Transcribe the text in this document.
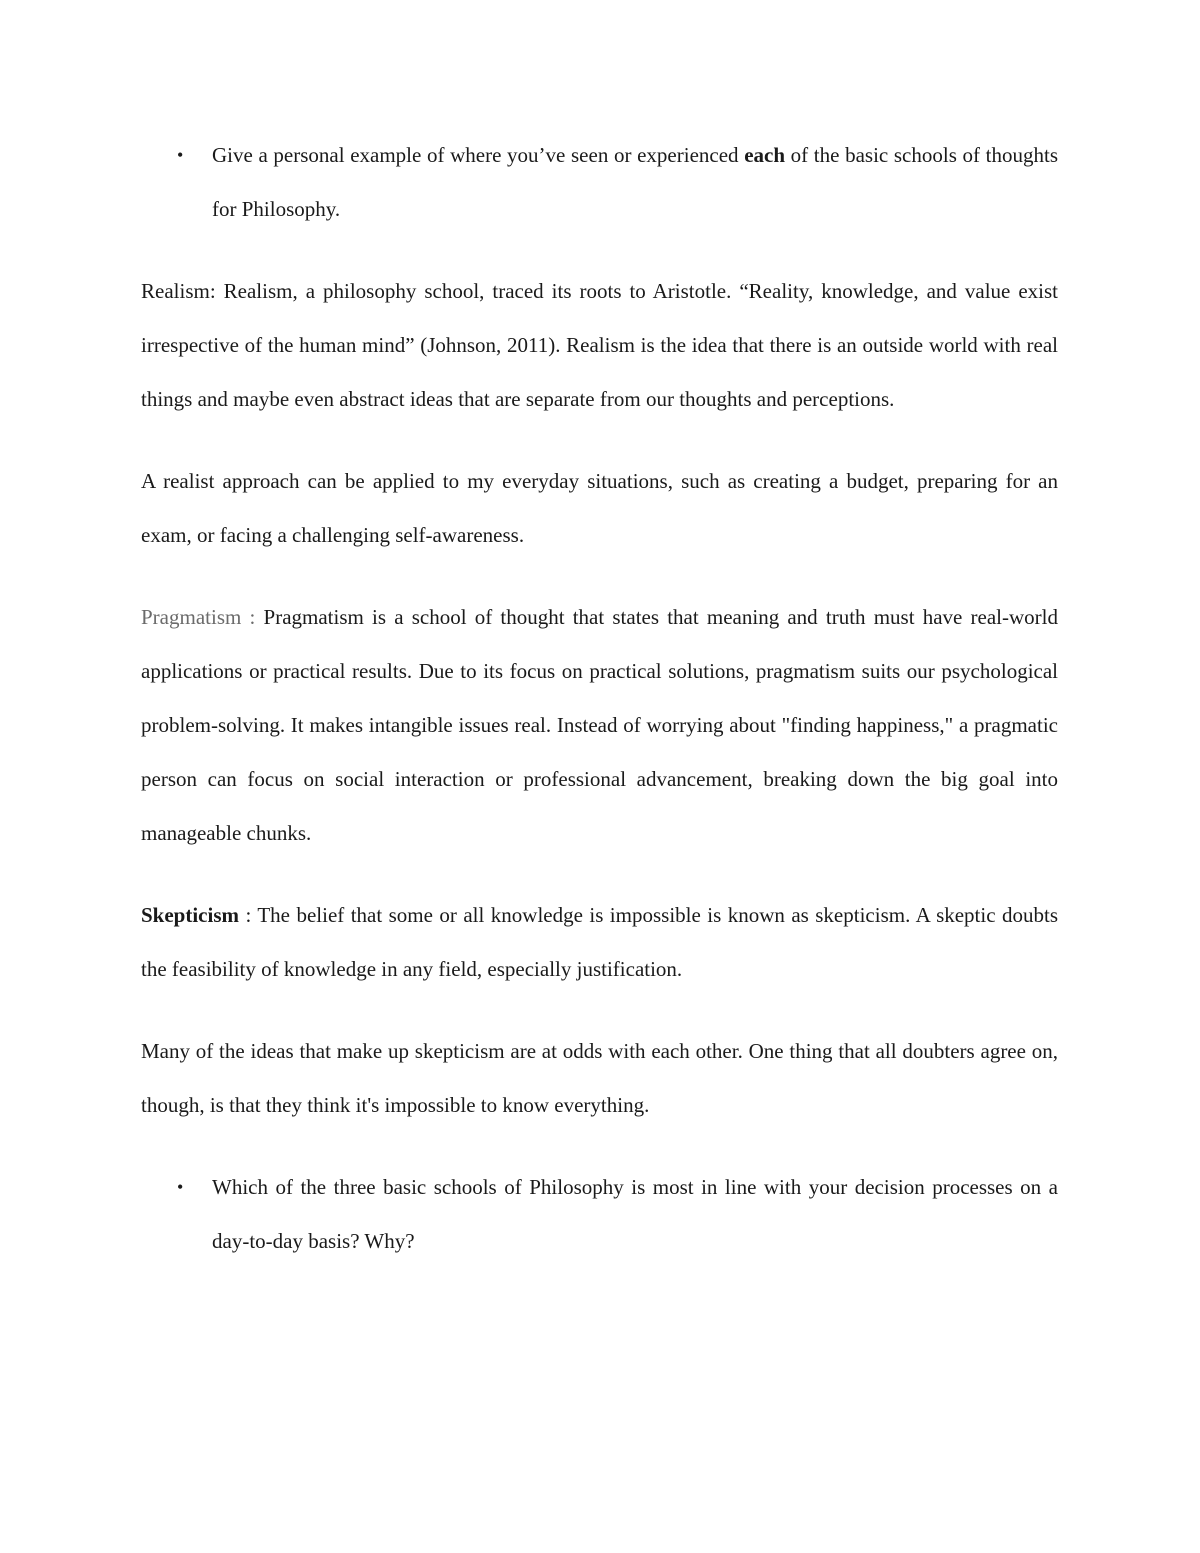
• Give a personal example of where you’ve seen or experienced each of the basic schools of thoughts for Philosophy.

Realism: Realism, a philosophy school, traced its roots to Aristotle. “Reality, knowledge, and value exist irrespective of the human mind” (Johnson, 2011). Realism is the idea that there is an outside world with real things and maybe even abstract ideas that are separate from our thoughts and perceptions.

A realist approach can be applied to my everyday situations, such as creating a budget, preparing for an exam, or facing a challenging self-awareness.

Pragmatism : Pragmatism is a school of thought that states that meaning and truth must have real-world applications or practical results. Due to its focus on practical solutions, pragmatism suits our psychological problem-solving. It makes intangible issues real. Instead of worrying about "finding happiness," a pragmatic person can focus on social interaction or professional advancement, breaking down the big goal into manageable chunks.

Skepticism : The belief that some or all knowledge is impossible is known as skepticism. A skeptic doubts the feasibility of knowledge in any field, especially justification.

Many of the ideas that make up skepticism are at odds with each other. One thing that all doubters agree on, though, is that they think it's impossible to know everything.

• Which of the three basic schools of Philosophy is most in line with your decision processes on a day-to-day basis? Why?
